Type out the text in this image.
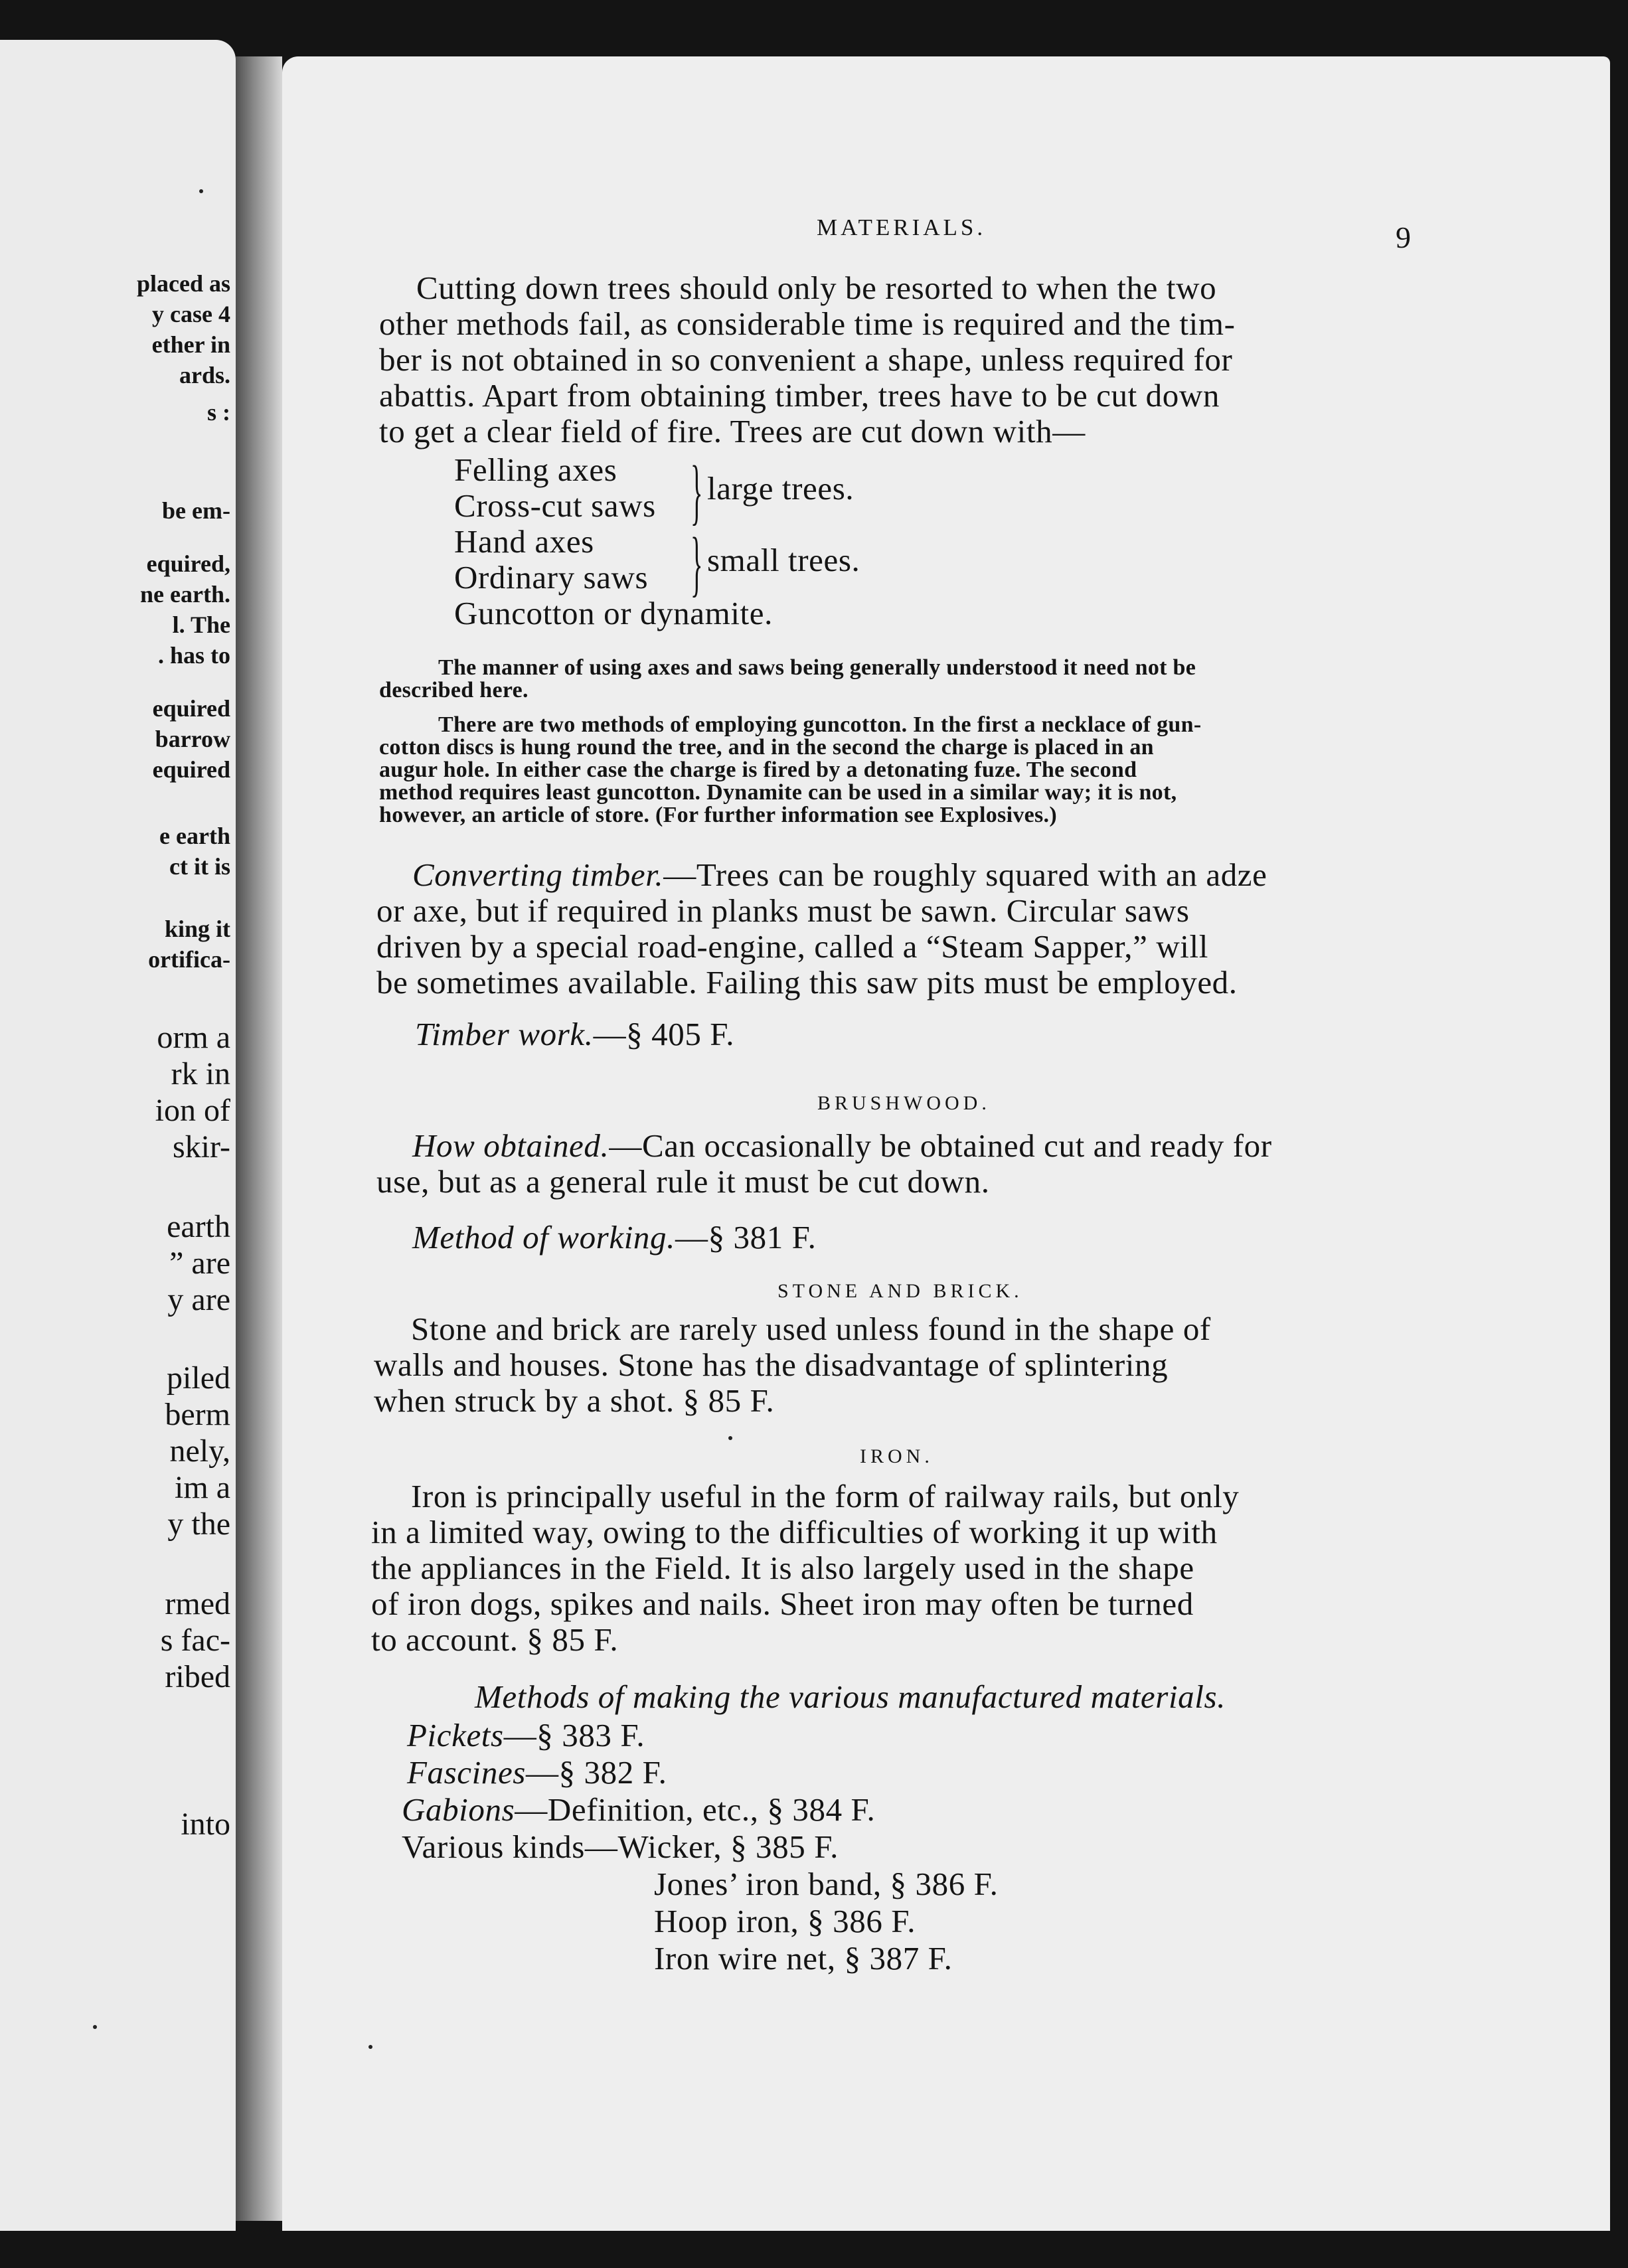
placed as
y case 4
ether in
ards.
s :
be em-
equired,
ne earth.
l. The
. has to
equired
barrow
equired
e earth
ct it is
king it
ortifica-
orm a
rk in
ion of
skir-
earth
” are
y are
piled
berm
nely,
im a
y the
rmed
s fac-
ribed
into
MATERIALS.	9
Cutting down trees should only be resorted to when the two
other methods fail, as considerable time is required and the tim-
ber is not obtained in so convenient a shape, unless required for
abattis. Apart from obtaining timber, trees have to be cut down
to get a clear field of fire. Trees are cut down with—
Felling axes
Cross-cut saws } large trees.
Hand axes
Ordinary saws } small trees.
Guncotton or dynamite.
The manner of using axes and saws being generally understood it need not be
described here.
There are two methods of employing guncotton. In the first a necklace of gun-
cotton discs is hung round the tree, and in the second the charge is placed in an
augur hole. In either case the charge is fired by a detonating fuze. The second
method requires least guncotton. Dynamite can be used in a similar way; it is not,
however, an article of store. (For further information see Explosives.)
Converting timber.—Trees can be roughly squared with an adze
or axe, but if required in planks must be sawn. Circular saws
driven by a special road-engine, called a “Steam Sapper,” will
be sometimes available. Failing this saw pits must be employed.
Timber work.—§ 405 F.
BRUSHWOOD.
How obtained.—Can occasionally be obtained cut and ready for
use, but as a general rule it must be cut down.
Method of working.—§ 381 F.
STONE AND BRICK.
Stone and brick are rarely used unless found in the shape of
walls and houses. Stone has the disadvantage of splintering
when struck by a shot. § 85 F.
IRON.
Iron is principally useful in the form of railway rails, but only
in a limited way, owing to the difficulties of working it up with
the appliances in the Field. It is also largely used in the shape
of iron dogs, spikes and nails. Sheet iron may often be turned
to account. § 85 F.
Methods of making the various manufactured materials.
Pickets—§ 383 F.
Fascines—§ 382 F.
Gabions—Definition, etc., § 384 F.
Various kinds—Wicker, § 385 F.
Jones’ iron band, § 386 F.
Hoop iron, § 386 F.
Iron wire net, § 387 F.
